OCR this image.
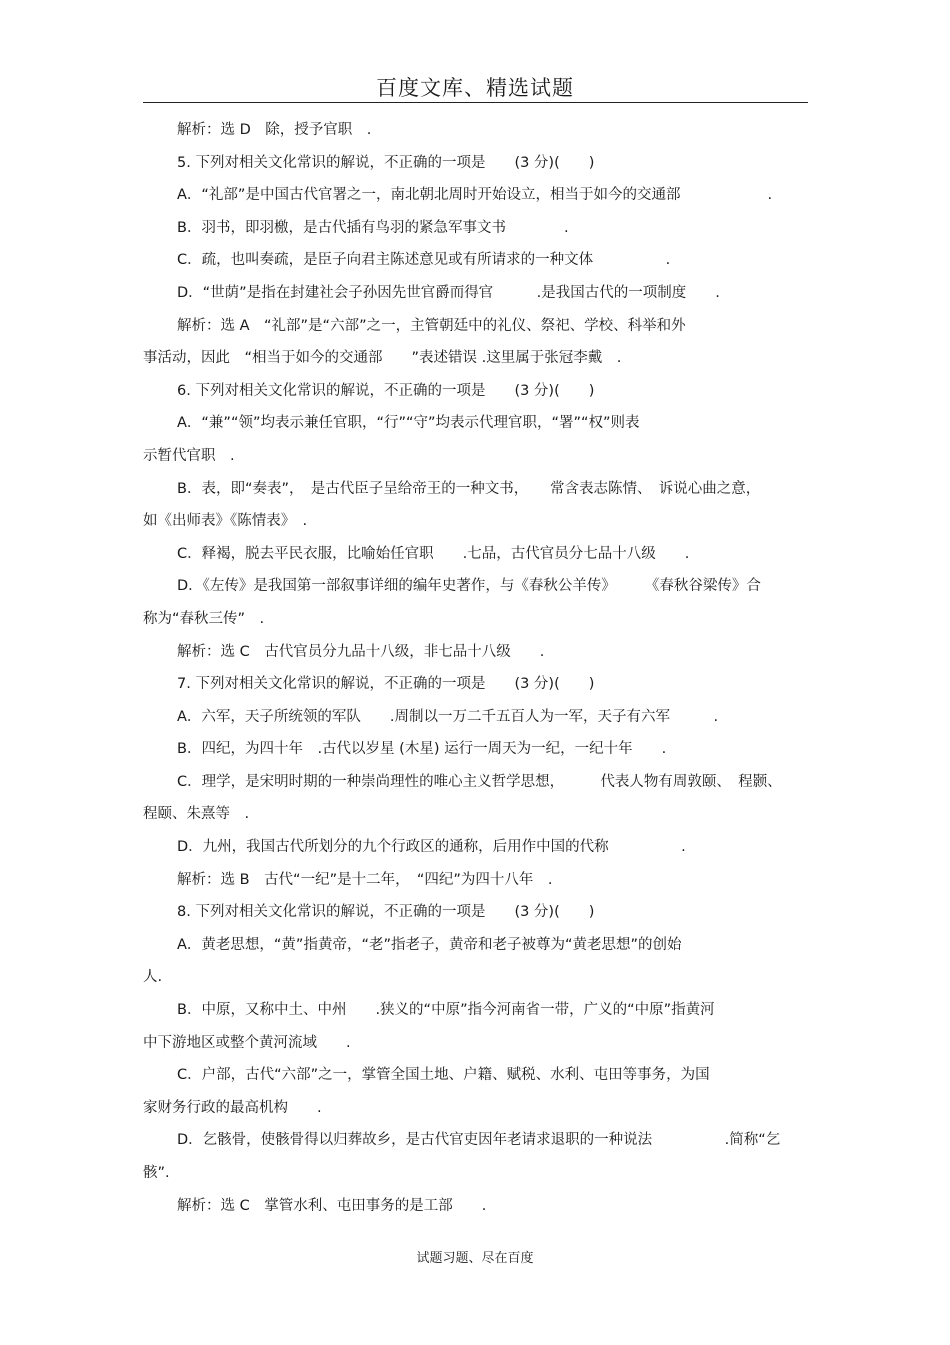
百度文库、精选试题
解析：选 D　除，授予官职　.
5. 下列对相关文化常识的解说，不正确的一项是　　(3 分)(　　)
A．“礼部”是中国古代官署之一，南北朝北周时开始设立，相当于如今的交通部　　　　　　.
B．羽书，即羽檄，是古代插有鸟羽的紧急军事文书　　　　.
C．疏，也叫奏疏，是臣子向君主陈述意见或有所请求的一种文体　　　　　.
D．“世荫”是指在封建社会子孙因先世官爵而得官　　　.是我国古代的一项制度　　.
解析：选 A　“礼部”是“六部”之一，主管朝廷中的礼仪、祭祀、学校、科举和外
事活动，因此　“相当于如今的交通部　　”表述错误 .这里属于张冠李戴　.
6. 下列对相关文化常识的解说，不正确的一项是　　(3 分)(　　)
A．“兼”“领”均表示兼任官职，“行”“守”均表示代理官职，“署”“权”则表
示暂代官职　.
B．表，即“奏表”，　是古代臣子呈给帝王的一种文书，　　常含表志陈情、　诉说心曲之意，
如《出师表》《陈情表》　.
C．释褐，脱去平民衣服，比喻始任官职　　.七品，古代官员分七品十八级　　.
D．《左传》是我国第一部叙事详细的编年史著作，与《春秋公羊传》　　　《春秋谷梁传》合
称为“春秋三传”　.
解析：选 C　古代官员分九品十八级，非七品十八级　　.
7. 下列对相关文化常识的解说，不正确的一项是　　(3 分)(　　)
A．六军，天子所统领的军队　　.周制以一万二千五百人为一军，天子有六军　　　.
B．四纪，为四十年　.古代以岁星 (木星) 运行一周天为一纪，一纪十年　　.
C．理学，是宋明时期的一种崇尚理性的唯心主义哲学思想，　　　代表人物有周敦颐、　程颢、
程颐、朱熹等　.
D．九州，我国古代所划分的九个行政区的通称，后用作中国的代称　　　　　.
解析：选 B　古代“一纪”是十二年，　“四纪”为四十八年　.
8. 下列对相关文化常识的解说，不正确的一项是　　(3 分)(　　)
A．黄老思想，“黄”指黄帝，“老”指老子，黄帝和老子被尊为“黄老思想”的创始
人.
B．中原，又称中土、中州　　.狭义的“中原”指今河南省一带，广义的“中原”指黄河
中下游地区或整个黄河流域　　.
C．户部，古代“六部”之一，掌管全国土地、户籍、赋税、水利、屯田等事务，为国
家财务行政的最高机构　　.
D．乞骸骨，使骸骨得以归葬故乡，是古代官吏因年老请求退职的一种说法　　　　　.简称“乞
骸”.
解析：选 C　掌管水利、屯田事务的是工部　　.
试题习题、尽在百度
